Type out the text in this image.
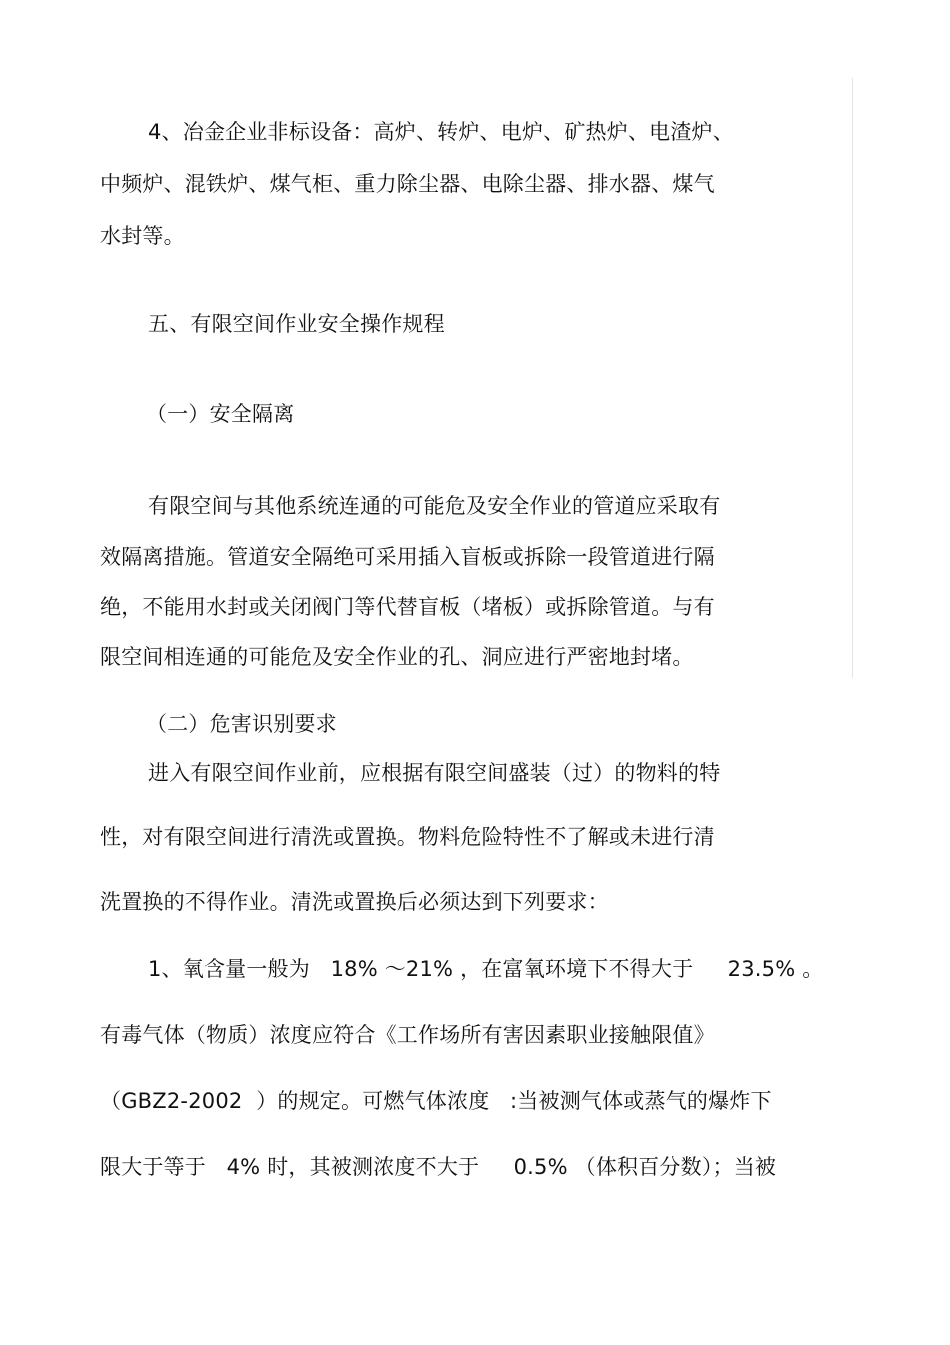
4、冶金企业非标设备：高炉、转炉、电炉、矿热炉、电渣炉、
中频炉、混铁炉、煤气柜、重力除尘器、电除尘器、排水器、煤气
水封等。
五、有限空间作业安全操作规程
（一）安全隔离
有限空间与其他系统连通的可能危及安全作业的管道应采取有
效隔离措施。管道安全隔绝可采用插入盲板或拆除一段管道进行隔
绝，不能用水封或关闭阀门等代替盲板（堵板）或拆除管道。与有
限空间相连通的可能危及安全作业的孔、洞应进行严密地封堵。
（二）危害识别要求
进入有限空间作业前，应根据有限空间盛装（过）的物料的特
性，对有限空间进行清洗或置换。物料危险特性不了解或未进行清
洗置换的不得作业。清洗或置换后必须达到下列要求：
1、氧含量一般为   18% ～21% ，在富氧环境下不得大于     23.5% 。
有毒气体（物质）浓度应符合《工作场所有害因素职业接触限值》
（GBZ2-2002  ）的规定。可燃气体浓度   :当被测气体或蒸气的爆炸下
限大于等于   4% 时，其被测浓度不大于     0.5% （体积百分数）；当被
